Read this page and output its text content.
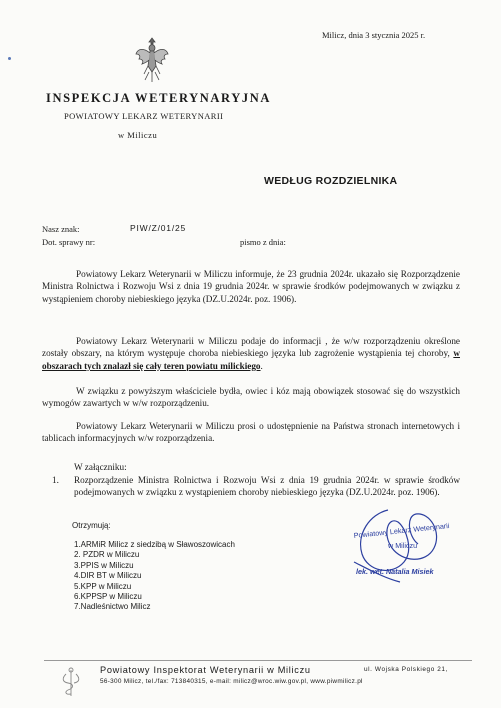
Milicz, dnia 3 stycznia 2025 r.
INSPEKCJA WETERYNARYJNA
POWIATOWY LEKARZ WETERYNARII
w Miliczu
WEDŁUG ROZDZIELNIKA
Nasz znak:	PIW/Z/01/25
Dot. sprawy nr:	pismo z dnia:

Powiatowy Lekarz Weterynarii w Miliczu informuje, że 23 grudnia 2024r. ukazało się Rozporządzenie Ministra Rolnictwa i Rozwoju Wsi z dnia 19 grudnia 2024r. w sprawie środków podejmowanych w związku z wystąpieniem choroby niebieskiego języka (DZ.U.2024r. poz. 1906).

Powiatowy Lekarz Weterynarii w Miliczu podaje do informacji , że w/w rozporządzeniu określone zostały obszary, na którym występuje choroba niebieskiego języka lub zagrożenie wystąpienia tej choroby, w obszarach tych znalazł się cały teren powiatu milickiego.

W związku z powyższym właściciele bydła, owiec i kóz mają obowiązek stosować się do wszystkich wymogów zawartych w w/w rozporządzeniu.

Powiatowy Lekarz Weterynarii w Miliczu prosi o udostępnienie na Państwa stronach internetowych i tablicach informacyjnych w/w rozporządzenia.

W załączniku:
1. Rozporządzenie Ministra Rolnictwa i Rozwoju Wsi z dnia 19 grudnia 2024r. w sprawie środków podejmowanych w związku z wystąpieniem choroby niebieskiego języka (DZ.U.2024r. poz. 1906).
Otrzymują:
1.ARMiR Milicz z siedzibą w Sławoszowicach
2. PZDR w Miliczu
3.PPIS w Miliczu
4.DIR BT w Miliczu
5.KPP w Miliczu
6.KPPSP w Miliczu
7.Nadleśnictwo Milicz
Powiatowy Lekarz Weterynarii
w Miliczu
lek. wet. Natalia Misiek
Powiatowy Inspektorat Weterynarii w Miliczu	ul. Wojska Polskiego 21,
56-300 Milicz, tel./fax: 713840315, e-mail: milicz@wroc.wiw.gov.pl, www.piwmilicz.pl
